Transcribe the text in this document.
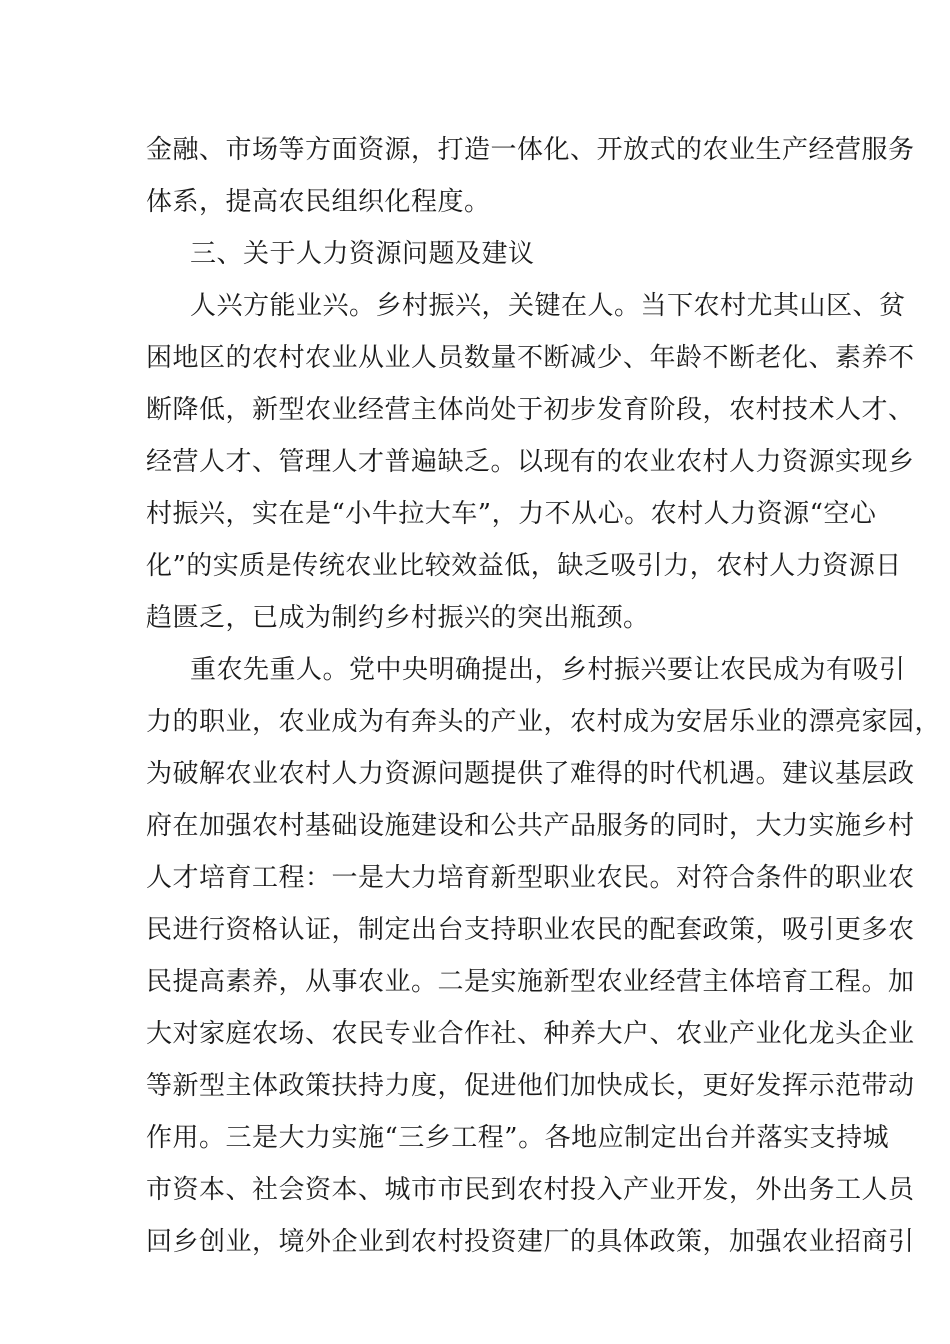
金融、市场等方面资源，打造一体化、开放式的农业生产经营服务
体系，提高农民组织化程度。
三、关于人力资源问题及建议
人兴方能业兴。乡村振兴，关键在人。当下农村尤其山区、贫
困地区的农村农业从业人员数量不断减少、年龄不断老化、素养不
断降低，新型农业经营主体尚处于初步发育阶段，农村技术人才、
经营人才、管理人才普遍缺乏。以现有的农业农村人力资源实现乡
村振兴，实在是“小牛拉大车”，力不从心。农村人力资源“空心
化”的实质是传统农业比较效益低，缺乏吸引力，农村人力资源日
趋匮乏，已成为制约乡村振兴的突出瓶颈。
重农先重人。党中央明确提出，乡村振兴要让农民成为有吸引
力的职业，农业成为有奔头的产业，农村成为安居乐业的漂亮家园，
为破解农业农村人力资源问题提供了难得的时代机遇。建议基层政
府在加强农村基础设施建设和公共产品服务的同时，大力实施乡村
人才培育工程：一是大力培育新型职业农民。对符合条件的职业农
民进行资格认证，制定出台支持职业农民的配套政策，吸引更多农
民提高素养，从事农业。二是实施新型农业经营主体培育工程。加
大对家庭农场、农民专业合作社、种养大户、农业产业化龙头企业
等新型主体政策扶持力度，促进他们加快成长，更好发挥示范带动
作用。三是大力实施“三乡工程”。各地应制定出台并落实支持城
市资本、社会资本、城市市民到农村投入产业开发，外出务工人员
回乡创业，境外企业到农村投资建厂的具体政策，加强农业招商引
